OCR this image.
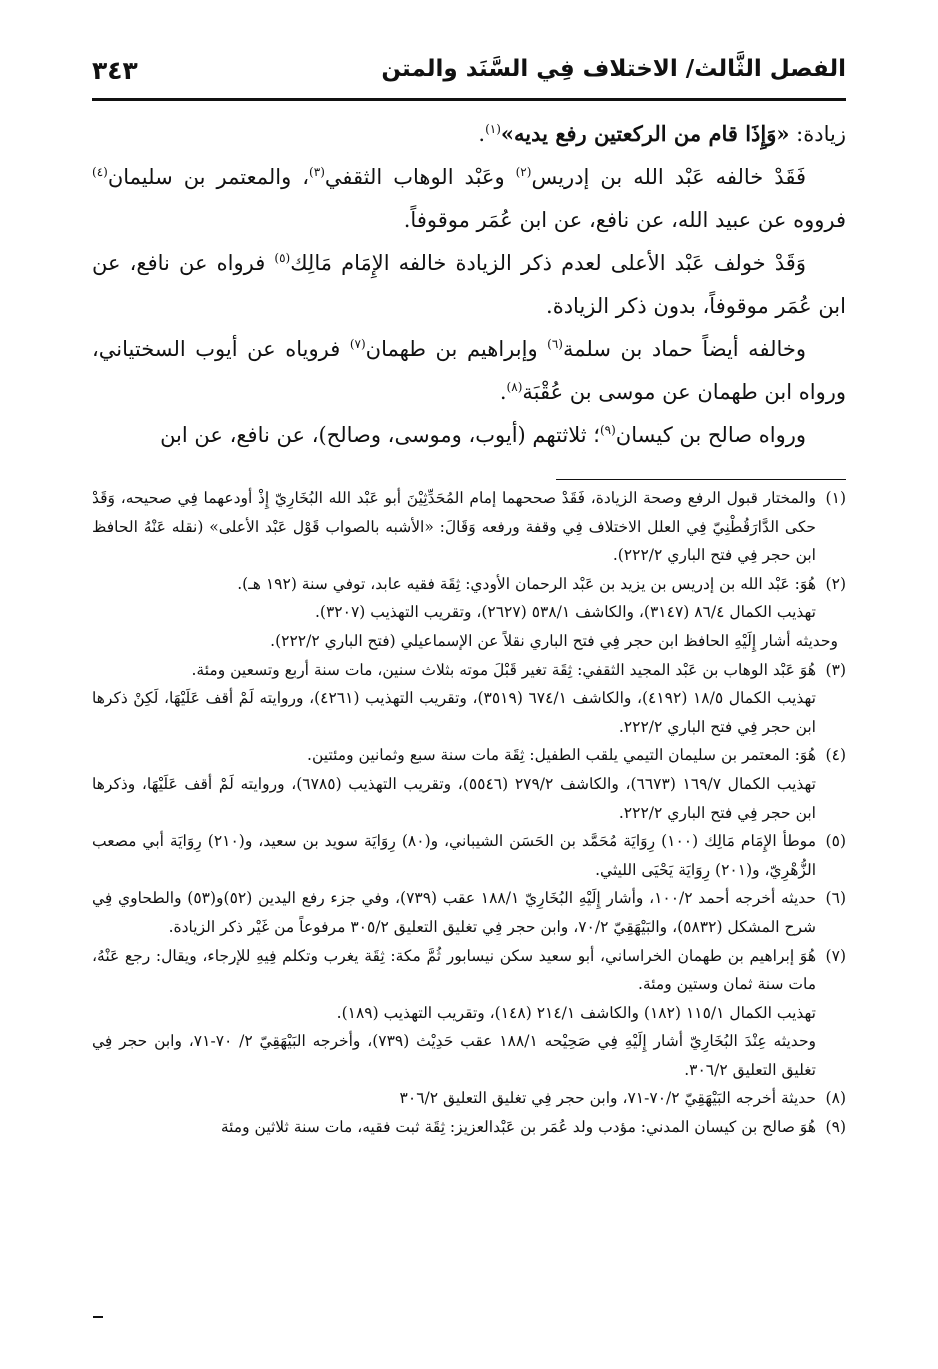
٣٤٣	الفصل الثَّالث/ الاختلاف فِي السَّنَد والمتن

زيادة: «وَإِذَا قام من الركعتين رفع يديه»$^{(١)}$.

فَقَدْ خالفه عَبْد الله بن إدريس$^{(٢)}$ وعَبْد الوهاب الثقفي$^{(٣)}$، والمعتمر بن سليمان$^{(٤)}$ فرووه عن عبيد الله، عن نافع، عن ابن عُمَر موقوفاً.

وَقَدْ خولف عَبْد الأعلى لعدم ذكر الزيادة خالفه الإِمَام مَالِك$^{(٥)}$ فرواه عن نافع، عن ابن عُمَر موقوفاً، بدون ذكر الزيادة.

وخالفه أيضاً حماد بن سلمة$^{(٦)}$ وإبراهيم بن طهمان$^{(٧)}$ فروياه عن أيوب السختياني، ورواه ابن طهمان عن موسى بن عُقْبَة$^{(٨)}$.

ورواه صالح بن كيسان$^{(٩)}$؛ ثلاثتهم (أيوب، وموسى، وصالح)، عن نافع، عن ابن

(١)

والمختار قبول الرفع وصحة الزيادة، فَقَدْ صححهما إمام المُحَدِّثِيْنَ أبو عَبْد الله البُخَارِيّ إِذْ أودعهما فِي صحيحه، وَقَدْ حكى الدَّارَقُطْنِيّ فِي العلل الاختلاف فِي وقفة ورفعه وَقَالَ: «الأشبه بالصواب قَوْل عَبْد الأعلى» (نقله عَنْهُ الحافظ ابن حجر فِي فتح الباري ٢٢٢/٢).

(٢)

هُوَ: عَبْد الله بن إدريس بن يزيد بن عَبْد الرحمان الأودي: ثِقَة فقيه عابد، توفي سنة (١٩٢ هـ).

تهذيب الكمال ٨٦/٤ (٣١٤٧)، والكاشف ٥٣٨/١ (٢٦٢٧)، وتقريب التهذيب (٣٢٠٧).

وحديثه أشار إِلَيْهِ الحافظ ابن حجر فِي فتح الباري نقلاً عن الإسماعيلي (فتح الباري ٢٢٢/٢).

(٣)

هُوَ عَبْد الوهاب بن عَبْد المجيد الثقفي: ثِقَة تغير قَبْلَ موته بثلاث سنين، مات سنة أربع وتسعين ومئة.

تهذيب الكمال ١٨/٥ (٤١٩٢)، والكاشف ٦٧٤/١ (٣٥١٩)، وتقريب التهذيب (٤٢٦١)، وروايته لَمْ أقف عَلَيْهَا، لَكِنْ ذكرها ابن حجر فِي فتح الباري ٢٢٢/٢.

(٤)

هُوَ: المعتمر بن سليمان التيمي يلقب الطفيل: ثِقَة مات سنة سبع وثمانين ومئتين.

تهذيب الكمال ١٦٩/٧ (٦٦٧٣)، والكاشف ٢٧٩/٢ (٥٥٤٦)، وتقريب التهذيب (٦٧٨٥)، وروايته لَمْ أقف عَلَيْهَا، وذكرها ابن حجر فِي فتح الباري ٢٢٢/٢.

(٥)

موطأ الإِمَام مَالِك (١٠٠) رِوَايَة مُحَمَّد بن الحَسَن الشيباني، و(٨٠) رِوَايَة سويد بن سعيد، و(٢١٠) رِوَايَة أبي مصعب الزُّهْرِيّ، و(٢٠١) رِوَايَة يَحْيَى الليثي.

(٦)

حديثه أخرجه أحمد ١٠٠/٢، وأشار إِلَيْهِ البُخَارِيّ ١٨٨/١ عقب (٧٣٩)، وفي جزء رفع اليدين (٥٢)و(٥٣) والطحاوي فِي شرح المشكل (٥٨٣٢)، والبَيْهَقِيّ ٧٠/٢، وابن حجر فِي تغليق التعليق ٣٠٥/٢ مرفوعاً من غَيْر ذكر الزيادة.

(٧)

هُوَ إبراهيم بن طهمان الخراساني، أبو سعيد سكن نيسابور ثُمَّ مكة: ثِقَة يغرب وتكلم فِيهِ للإرجاء، ويقال: رجع عَنْهُ، مات سنة ثمان وستين ومئة.

تهذيب الكمال ١١٥/١ (١٨٢) والكاشف ٢١٤/١ (١٤٨)، وتقريب التهذيب (١٨٩).

وحديثه عِنْدَ البُخَارِيّ أشار إِلَيْهِ فِي صَحِيْحه ١٨٨/١ عقب حَدِيْث (٧٣٩)، وأخرجه البَيْهَقِيّ ٢/ ٧٠-٧١، وابن حجر فِي تغليق التعليق ٣٠٦/٢.

(٨)

حديثة أخرجه البَيْهَقِيّ ٧٠/٢-٧١، وابن حجر فِي تغليق التعليق ٣٠٦/٢

(٩)

هُوَ صالح بن كيسان المدني: مؤدب ولد عُمَر بن عَبْدالعزيز: ثِقَة ثبت فقيه، مات سنة ثلاثين ومئة
